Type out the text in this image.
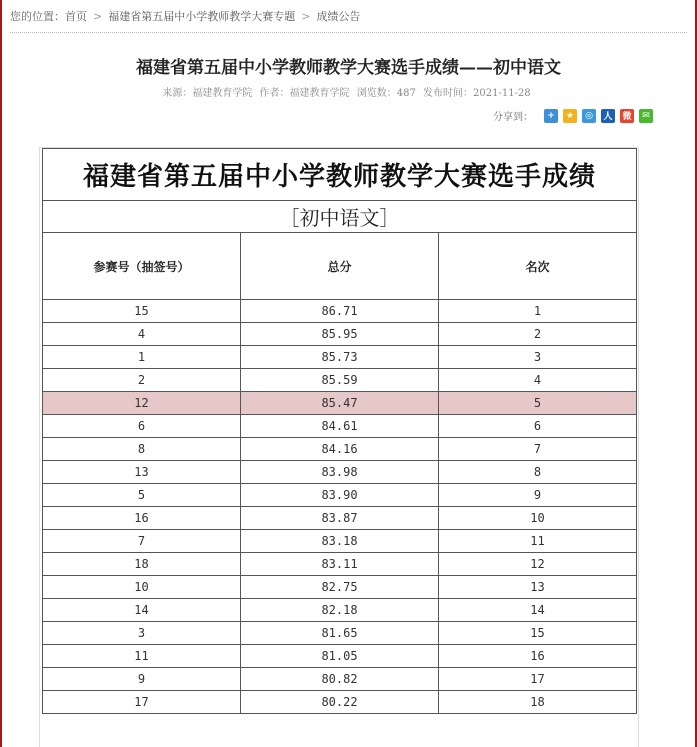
您的位置：首页 > 福建省第五届中小学教师教学大赛专题 > 成绩公告
福建省第五届中小学教师教学大赛选手成绩——初中语文
来源：福建教育学院 作者：福建教育学院 浏览数：487 发布时间：2021-11-28
分享到：	+	★	◎	人 微	✉
福建省第五届中小学教师教学大赛选手成绩		
［初中语文］		
参赛号（抽签号）	总分	名次
15	86.71	1
4	85.95	2
1	85.73	3
2	85.59	4
12	85.47	5
6	84.61	6
8	84.16	7
13	83.98	8
5	83.90	9
16	83.87	10
7	83.18	11
18	83.11	12
10	82.75	13
14	82.18	14
3	81.65	15
11	81.05	16
9	80.82	17
17	80.22	18
